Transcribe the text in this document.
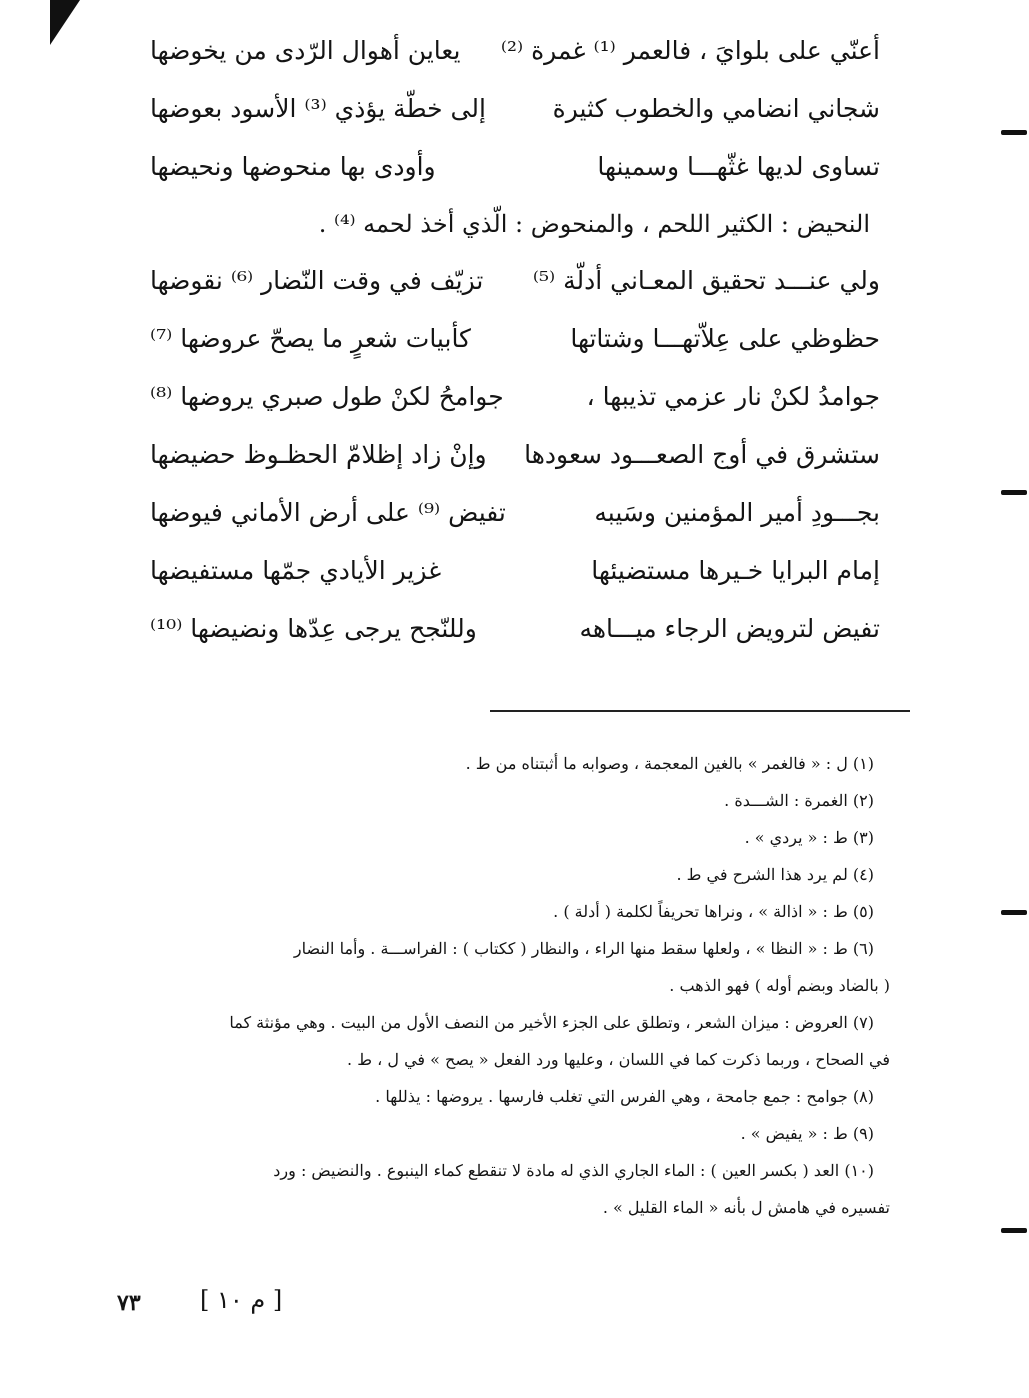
أعنّي على بلوايَ ، فالعمر ⁽¹⁾ غمرة ⁽²⁾
يعاين أهوال الرّدى من يخوضها
شجاني انضامي والخطوب كثيرة
إلى خطّة يؤذي ⁽³⁾ الأسود بعوضها
تساوى لديها غثّهـــا وسمينها
وأودى بها منحوضها ونحيضها
النحيض : الكثير اللحم ، والمنحوض : الّذي أخذ لحمه ⁽⁴⁾ .
ولي عنـــد تحقيق المعـاني أدلّة ⁽⁵⁾
تزيّف في وقت النّضار ⁽⁶⁾ نقوضها
حظوظي على عِلاّتهـــا وشتاتها
كأبيات شعرٍ ما يصحّ عروضها ⁽⁷⁾
جوامدُ لكنْ نار عزمي تذيبها ،
جوامحُ لكنْ طول صبري يروضها ⁽⁸⁾
ستشرق في أوج الصعـــود سعودها
وإنْ زاد إظلامّ الحظـوظ حضيضها
بجـــودِ أمير المؤمنين وسَيبه
تفيض ⁽⁹⁾ على أرض الأماني فيوضها
إمام البرايا خـيرها مستضيئها
غزير الأيادي جمّها مستفيضها
تفيض لترويض الرجاء ميـــاهه
وللنّجح يرجى عِدّها ونضيضها ⁽¹⁰⁾
(١) ل : « فالغمر » بالغين المعجمة ، وصوابه ما أثبتناه من ط .
(٢) الغمرة : الشـــدة .
(٣) ط : « يردي » .
(٤) لم يرد هذا الشرح في ط .
(٥) ط : « اذالة » ، ونراها تحريفاً لكلمة ( أدلة ) .
(٦) ط : « النظا » ، ولعلها سقط منها الراء ، والنظار ( ككتاب ) : الفراســـة . وأما النضار
( بالضاد وبضم أوله ) فهو الذهب .
(٧) العروض : ميزان الشعر ، وتطلق على الجزء الأخير من النصف الأول من البيت . وهي مؤنثة كما
في الصحاح ، وربما ذكرت كما في اللسان ، وعليها ورد الفعل « يصح » في ل ، ط .
(٨) جوامح : جمع جامحة ، وهي الفرس التي تغلب فارسها . يروضها : يذللها .
(٩) ط : « يفيض » .
(١٠) العد ( بكسر العين ) : الماء الجاري الذي له مادة لا تنقطع كماء الينبوع . والنضيض : ورد
تفسيره في هامش ل بأنه « الماء القليل » .
٧٣ [ م ١٠ ]
